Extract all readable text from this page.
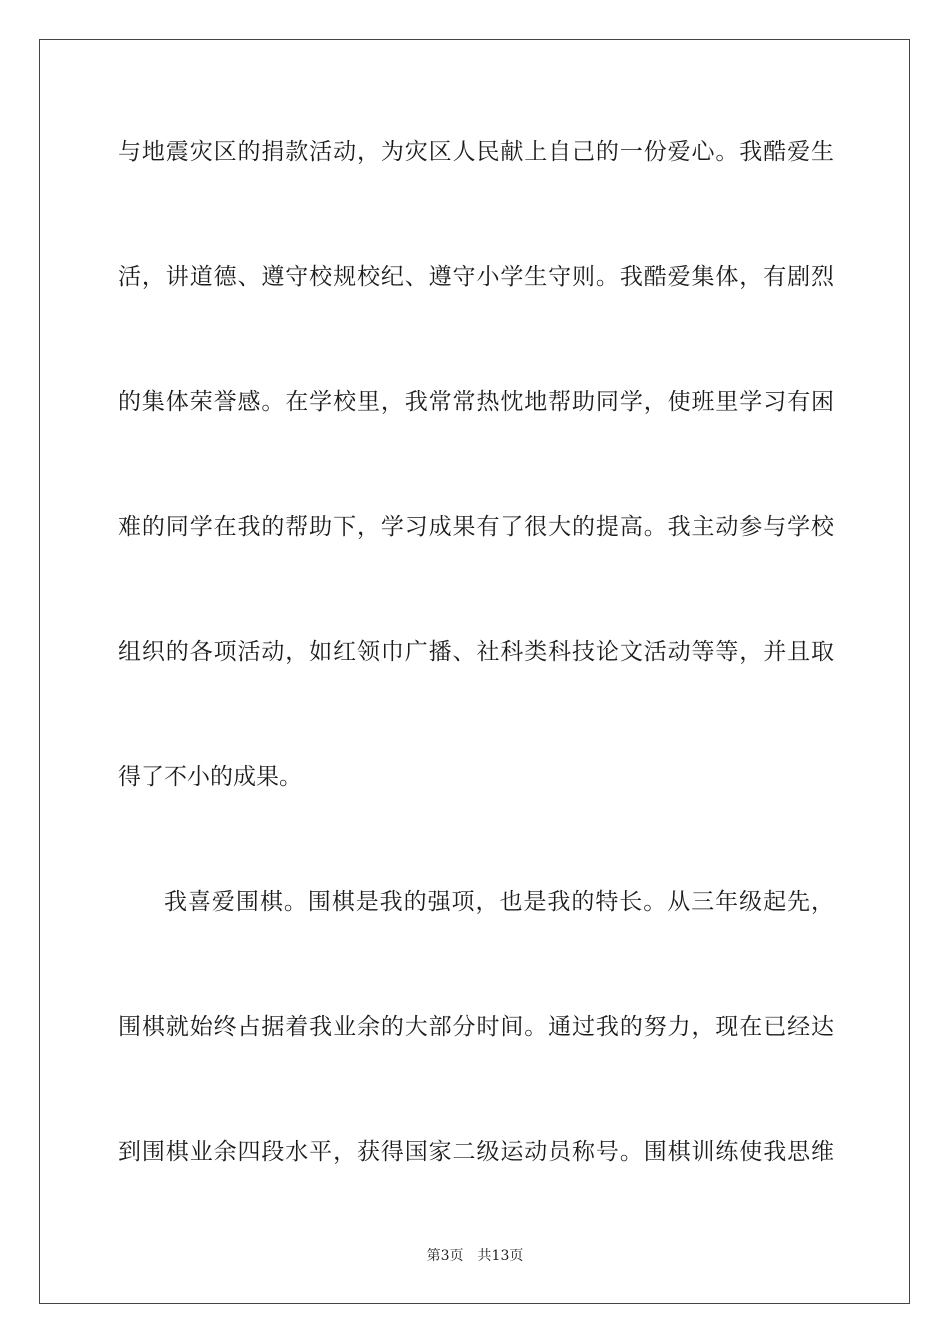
与地震灾区的捐款活动，为灾区人民献上自己的一份爱心。我酷爱生
活，讲道德、遵守校规校纪、遵守小学生守则。我酷爱集体，有剧烈
的集体荣誉感。在学校里，我常常热忱地帮助同学，使班里学习有困
难的同学在我的帮助下，学习成果有了很大的提高。我主动参与学校
组织的各项活动，如红领巾广播、社科类科技论文活动等等，并且取
得了不小的成果。
我喜爱围棋。围棋是我的强项，也是我的特长。从三年级起先，
围棋就始终占据着我业余的大部分时间。通过我的努力，现在已经达
到围棋业余四段水平，获得国家二级运动员称号。围棋训练使我思维
第3页 共13页
